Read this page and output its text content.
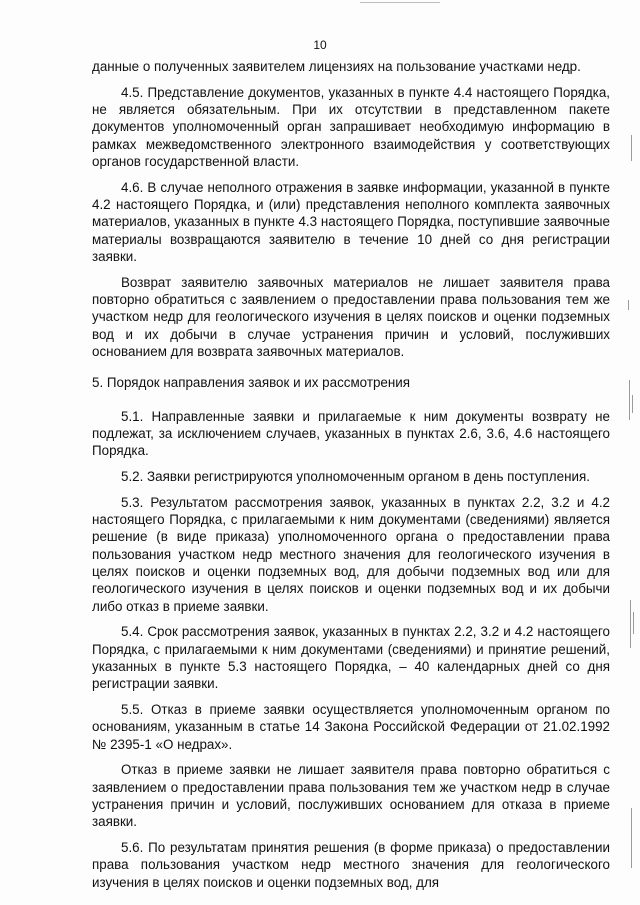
10

данные о полученных заявителем лицензиях на пользование участками недр.

4.5. Представление документов, указанных в пункте 4.4 настоящего Порядка, не является обязательным. При их отсутствии в представленном пакете документов уполномоченный орган запрашивает необходимую информацию в рамках межведомственного электронного взаимодействия у соответствующих органов государственной власти.

4.6. В случае неполного отражения в заявке информации, указанной в пункте 4.2 настоящего Порядка, и (или) представления неполного комплекта заявочных материалов, указанных в пункте 4.3 настоящего Порядка, поступившие заявочные материалы возвращаются заявителю в течение 10 дней со дня регистрации заявки.

Возврат заявителю заявочных материалов не лишает заявителя права повторно обратиться с заявлением о предоставлении права пользования тем же участком недр для геологического изучения в целях поисков и оценки подземных вод и их добычи в случае устранения причин и условий, послуживших основанием для возврата заявочных материалов.

5. Порядок направления заявок и их рассмотрения

5.1. Направленные заявки и прилагаемые к ним документы возврату не подлежат, за исключением случаев, указанных в пунктах 2.6, 3.6, 4.6 настоящего Порядка.

5.2. Заявки регистрируются уполномоченным органом в день поступления.

5.3. Результатом рассмотрения заявок, указанных в пунктах 2.2, 3.2 и 4.2 настоящего Порядка, с прилагаемыми к ним документами (сведениями) является решение (в виде приказа) уполномоченного органа о предоставлении права пользования участком недр местного значения для геологического изучения в целях поисков и оценки подземных вод, для добычи подземных вод или для геологического изучения в целях поисков и оценки подземных вод и их добычи либо отказ в приеме заявки.

5.4. Срок рассмотрения заявок, указанных в пунктах 2.2, 3.2 и 4.2 настоящего Порядка, с прилагаемыми к ним документами (сведениями) и принятие решений, указанных в пункте 5.3 настоящего Порядка, – 40 календарных дней со дня регистрации заявки.

5.5. Отказ в приеме заявки осуществляется уполномоченным органом по основаниям, указанным в статье 14 Закона Российской Федерации от 21.02.1992 № 2395-1 «О недрах».

Отказ в приеме заявки не лишает заявителя права повторно обратиться с заявлением о предоставлении права пользования тем же участком недр в случае устранения причин и условий, послуживших основанием для отказа в приеме заявки.

5.6. По результатам принятия решения (в форме приказа) о предоставлении права пользования участком недр местного значения для геологического изучения в целях поисков и оценки подземных вод, для
